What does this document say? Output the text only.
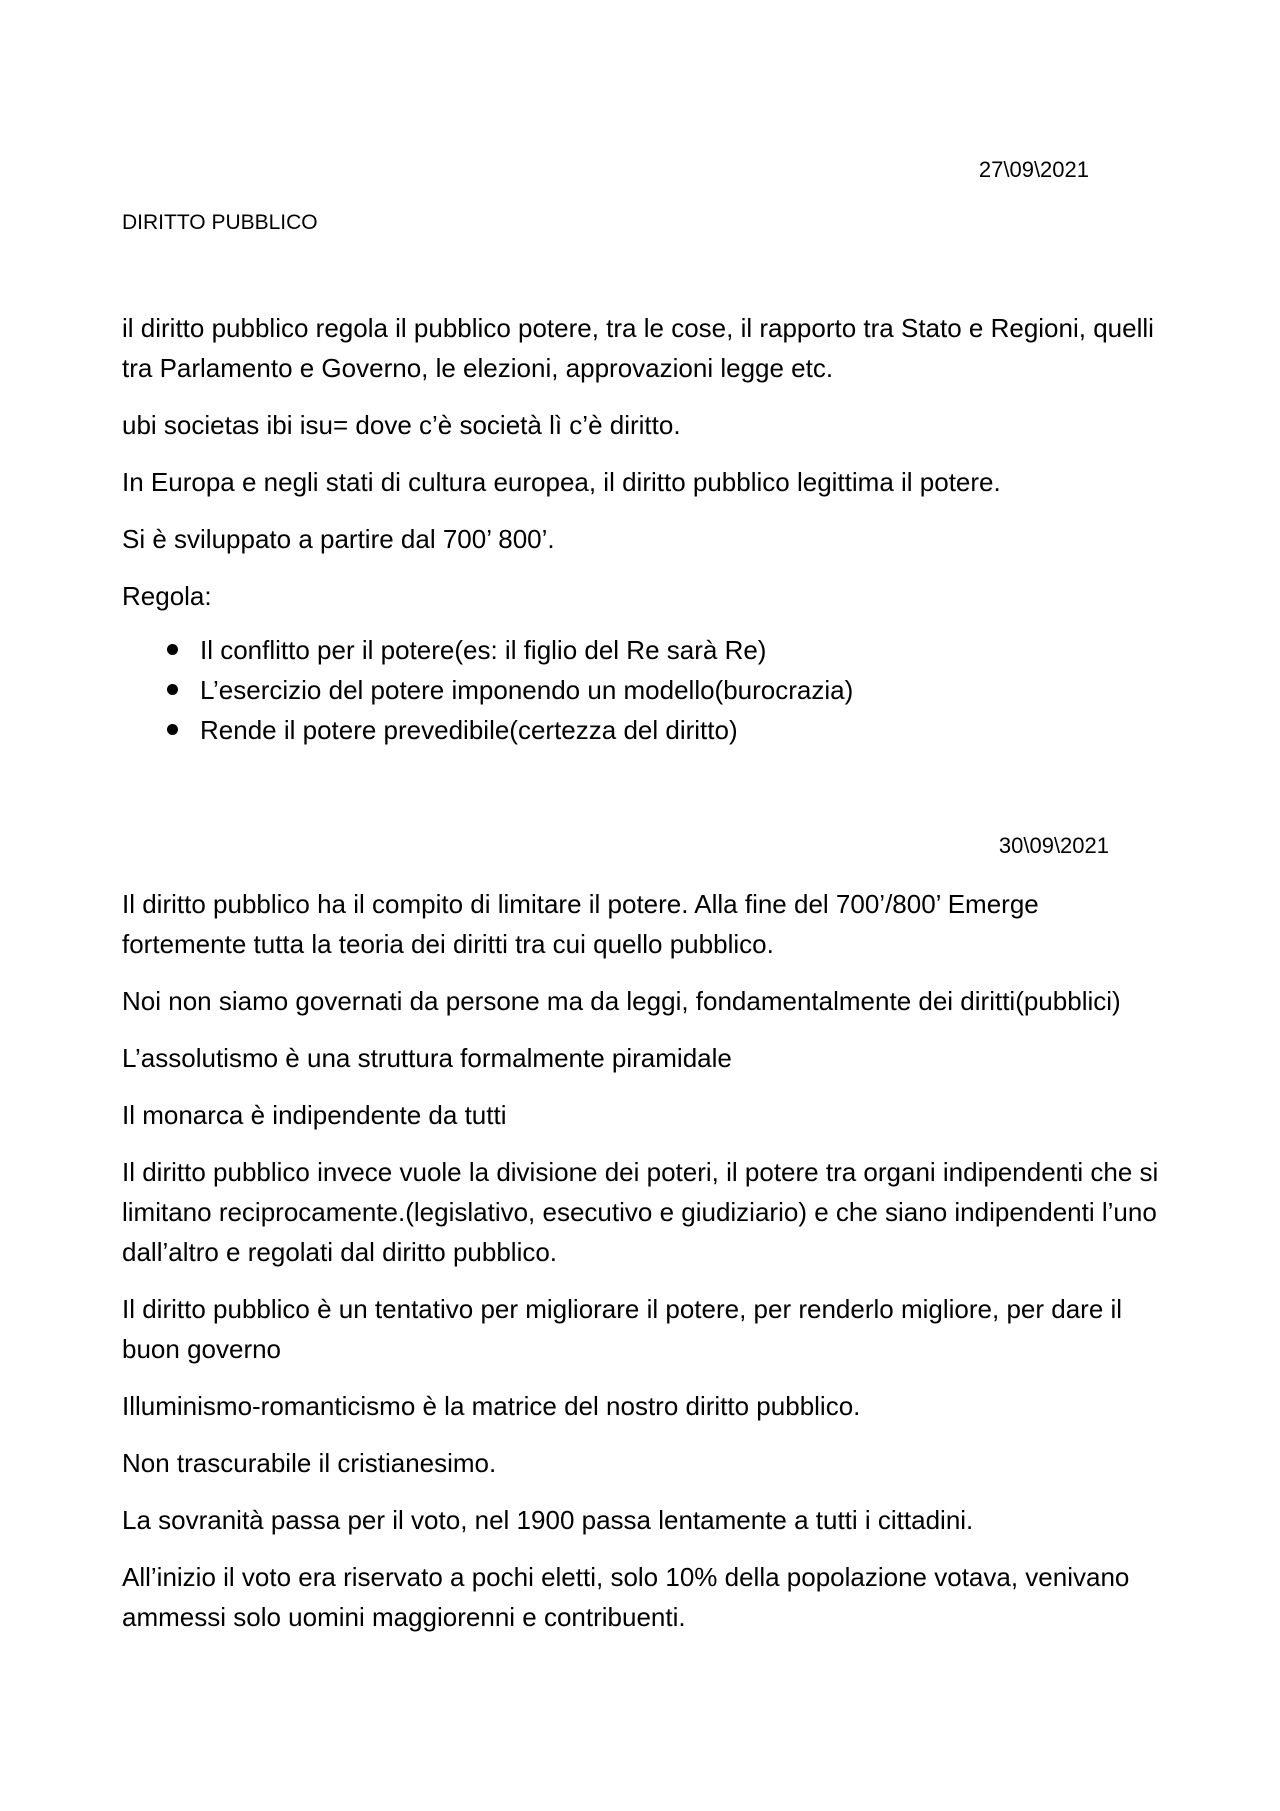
27\09\2021
DIRITTO PUBBLICO

il diritto pubblico regola il pubblico potere, tra le cose, il rapporto tra Stato e Regioni, quelli tra Parlamento e Governo, le elezioni, approvazioni legge etc.

ubi societas ibi isu= dove c’è società lì c’è diritto.

In Europa e negli stati di cultura europea, il diritto pubblico legittima il potere.

Si è sviluppato a partire dal 700’ 800’.

Regola:

Il conflitto per il potere(es: il figlio del Re sarà Re)
L’esercizio del potere imponendo un modello(burocrazia)
Rende il potere prevedibile(certezza del diritto)
30\09\2021

Il diritto pubblico ha il compito di limitare il potere. Alla fine del 700’/800’ Emerge fortemente tutta la teoria dei diritti tra cui quello pubblico.

Noi non siamo governati da persone ma da leggi, fondamentalmente dei diritti(pubblici)

L’assolutismo è una struttura formalmente piramidale

Il monarca è indipendente da tutti

Il diritto pubblico invece vuole la divisione dei poteri, il potere tra organi indipendenti che si limitano reciprocamente.(legislativo, esecutivo e giudiziario) e che siano indipendenti l’uno dall’altro e regolati dal diritto pubblico.

Il diritto pubblico è un tentativo per migliorare il potere, per renderlo migliore, per dare il buon governo

Illuminismo-romanticismo è la matrice del nostro diritto pubblico.

Non trascurabile il cristianesimo.

La sovranità passa per il voto, nel 1900 passa lentamente a tutti i cittadini.

All’inizio il voto era riservato a pochi eletti, solo 10% della popolazione votava, venivano ammessi solo uomini maggiorenni e contribuenti.
